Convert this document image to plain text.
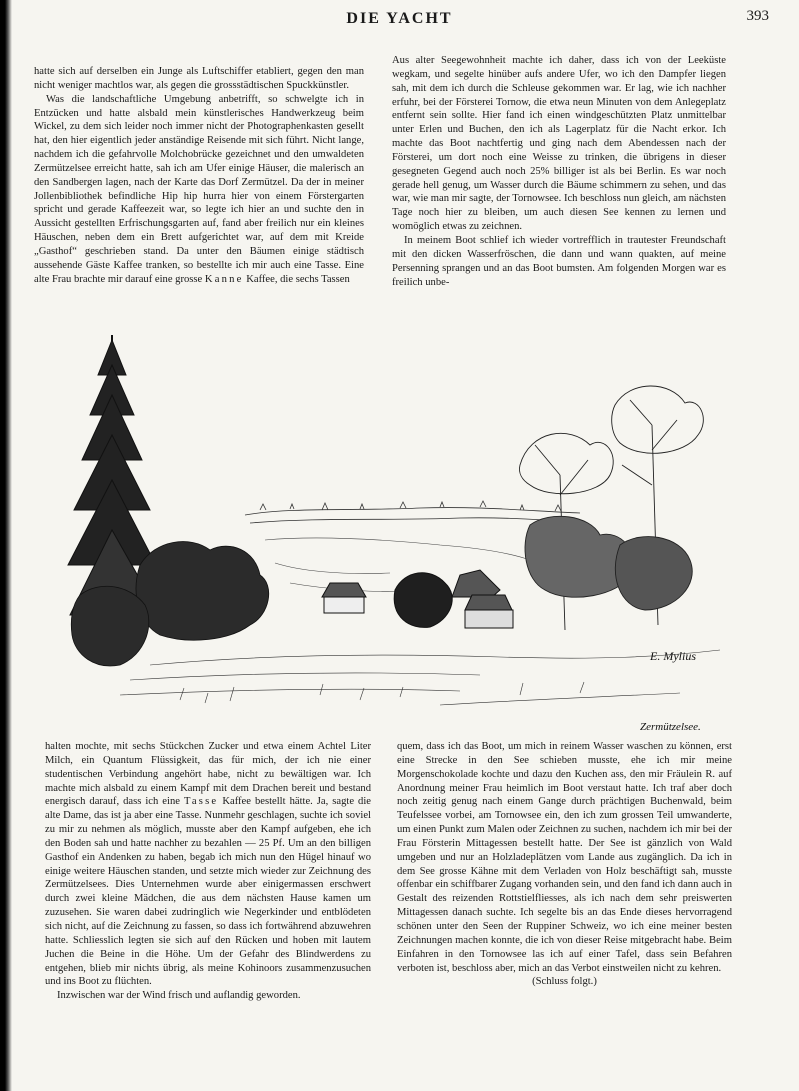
DIE YACHT	393

hatte sich auf derselben ein Junge als Luftschiffer etabliert, gegen den man nicht weniger machtlos war, als gegen die grossstädtischen Spuckkünstler.

Was die landschaftliche Umgebung anbetrifft, so schwelgte ich in Entzücken und hatte alsbald mein künstlerisches Handwerkzeug beim Wickel, zu dem sich leider noch immer nicht der Photographenkasten gesellt hat, den hier eigentlich jeder anständige Reisende mit sich führt. Nicht lange, nachdem ich die gefahrvolle Molchobrücke gezeichnet und den umwaldeten Zermützelsee erreicht hatte, sah ich am Ufer einige Häuser, die malerisch an den Sandbergen lagen, nach der Karte das Dorf Zermützel. Da der in meiner Jollenbibliothek befindliche Hip hip hurra hier von einem Förstergarten spricht und gerade Kaffeezeit war, so legte ich hier an und suchte den in Aussicht gestellten Erfrischungsgarten auf, fand aber freilich nur ein kleines Häuschen, neben dem ein Brett aufgerichtet war, auf dem mit Kreide „Gasthof“ geschrieben stand. Da unter den Bäumen einige städtisch aussehende Gäste Kaffee tranken, so bestellte ich mir auch eine Tasse. Eine alte Frau brachte mir darauf eine grosse Kanne Kaffee, die sechs Tassen

Aus alter Seegewohnheit machte ich daher, dass ich von der Leeküste wegkam, und segelte hinüber aufs andere Ufer, wo ich den Dampfer liegen sah, mit dem ich durch die Schleuse gekommen war. Er lag, wie ich nachher erfuhr, bei der Försterei Tornow, die etwa neun Minuten von dem Anlegeplatz entfernt sein sollte. Hier fand ich einen windgeschützten Platz unmittelbar unter Erlen und Buchen, den ich als Lagerplatz für die Nacht erkor. Ich machte das Boot nachtfertig und ging nach dem Abendessen nach der Försterei, um dort noch eine Weisse zu trinken, die übrigens in dieser gesegneten Gegend auch noch 25% billiger ist als bei Berlin. Es war noch gerade hell genug, um Wasser durch die Bäume schimmern zu sehen, und das war, wie man mir sagte, der Tornowsee. Ich beschloss nun gleich, am nächsten Tage noch hier zu bleiben, um auch diesen See kennen zu lernen und womöglich etwas zu zeichnen.

In meinem Boot schlief ich wieder vortrefflich in trautester Freundschaft mit den dicken Wasserfröschen, die dann und wann quakten, auf meine Persenning sprangen und an das Boot bumsten. Am folgenden Morgen war es freilich unbe-

E. Mylius
Zermützelsee.

halten mochte, mit sechs Stückchen Zucker und etwa einem Achtel Liter Milch, ein Quantum Flüssigkeit, das für mich, der ich nie einer studentischen Verbindung angehört habe, nicht zu bewältigen war. Ich machte mich alsbald zu einem Kampf mit dem Drachen bereit und bestand energisch darauf, dass ich eine Tasse Kaffee bestellt hätte. Ja, sagte die alte Dame, das ist ja aber eine Tasse. Nunmehr geschlagen, suchte ich soviel zu mir zu nehmen als möglich, musste aber den Kampf aufgeben, ehe ich den Boden sah und hatte nachher zu bezahlen — 25 Pf. Um an den billigen Gasthof ein Andenken zu haben, begab ich mich nun den Hügel hinauf wo einige weitere Häuschen standen, und setzte mich wieder zur Zeichnung des Zermützelsees. Dies Unternehmen wurde aber einigermassen erschwert durch zwei kleine Mädchen, die aus dem nächsten Hause kamen um zuzusehen. Sie waren dabei zudringlich wie Negerkinder und entblödeten sich nicht, auf die Zeichnung zu fassen, so dass ich fortwährend abzuwehren hatte. Schliesslich legten sie sich auf den Rücken und hoben mit lautem Juchen die Beine in die Höhe. Um der Gefahr des Blindwerdens zu entgehen, blieb mir nichts übrig, als meine Kohinoors zusammenzusuchen und ins Boot zu flüchten.

Inzwischen war der Wind frisch und auflandig geworden.

quem, dass ich das Boot, um mich in reinem Wasser waschen zu können, erst eine Strecke in den See schieben musste, ehe ich mir meine Morgenschokolade kochte und dazu den Kuchen ass, den mir Fräulein R. auf Anordnung meiner Frau heimlich im Boot verstaut hatte. Ich traf aber doch noch zeitig genug nach einem Gange durch prächtigen Buchenwald, beim Teufelssee vorbei, am Tornowsee ein, den ich zum grossen Teil umwanderte, um einen Punkt zum Malen oder Zeichnen zu suchen, nachdem ich mir bei der Frau Försterin Mittagessen bestellt hatte. Der See ist gänzlich von Wald umgeben und nur an Holzladeplätzen vom Lande aus zugänglich. Da ich in dem See grosse Kähne mit dem Verladen von Holz beschäftigt sah, musste offenbar ein schiffbarer Zugang vorhanden sein, und den fand ich dann auch in Gestalt des reizenden Rottstielfliesses, als ich nach dem sehr preiswerten Mittagessen danach suchte. Ich segelte bis an das Ende dieses hervorragend schönen unter den Seen der Ruppiner Schweiz, wo ich eine meiner besten Zeichnungen machen konnte, die ich von dieser Reise mitgebracht habe. Beim Einfahren in den Tornowsee las ich auf einer Tafel, dass sein Befahren verboten ist, beschloss aber, mich an das Verbot einstweilen nicht zu kehren.

(Schluss folgt.)
